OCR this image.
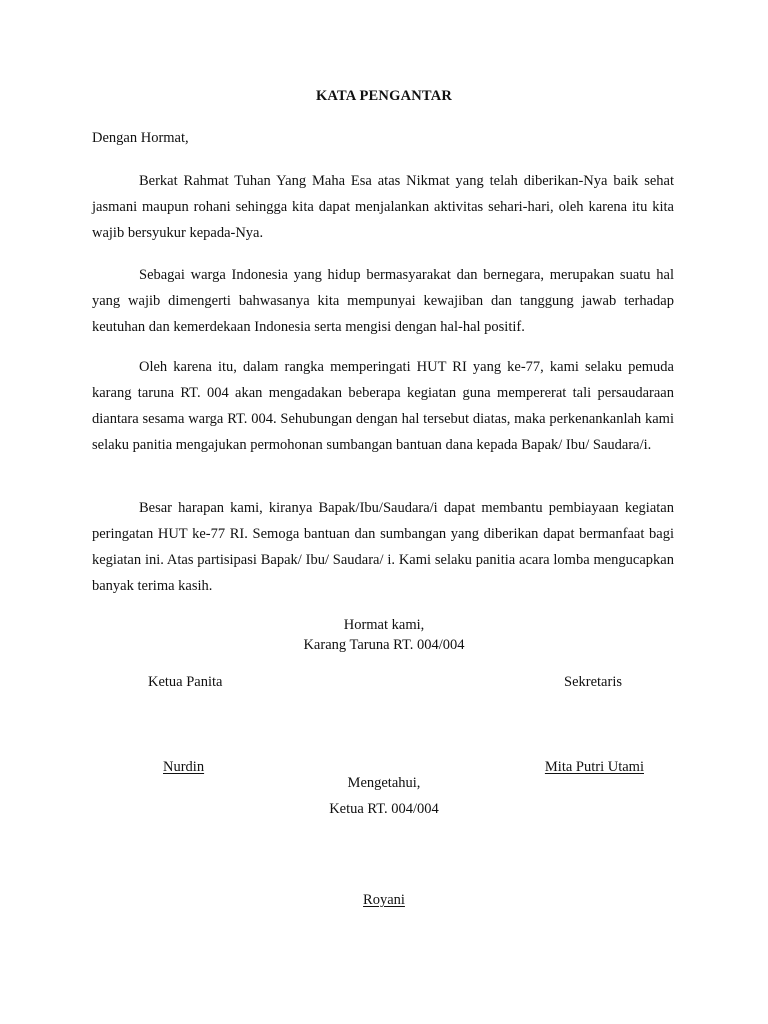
KATA PENGANTAR
Dengan Hormat,

Berkat Rahmat Tuhan Yang Maha Esa atas Nikmat yang telah diberikan-Nya baik sehat jasmani maupun rohani sehingga kita dapat menjalankan aktivitas sehari-hari, oleh karena itu kita wajib bersyukur kepada-Nya.

Sebagai warga Indonesia yang hidup bermasyarakat dan bernegara, merupakan suatu hal yang wajib dimengerti bahwasanya kita mempunyai kewajiban dan tanggung jawab terhadap keutuhan dan kemerdekaan Indonesia serta mengisi dengan hal-hal positif.

Oleh karena itu, dalam rangka memperingati HUT RI yang ke-77, kami selaku pemuda karang taruna RT. 004 akan mengadakan beberapa kegiatan guna mempererat tali persaudaraan diantara sesama warga RT. 004. Sehubungan dengan hal tersebut diatas, maka perkenankanlah kami selaku panitia mengajukan permohonan sumbangan bantuan dana kepada Bapak/ Ibu/ Saudara/i.

Besar harapan kami, kiranya Bapak/Ibu/Saudara/i dapat membantu pembiayaan kegiatan peringatan HUT ke-77 RI. Semoga bantuan dan sumbangan yang diberikan dapat bermanfaat bagi kegiatan ini. Atas partisipasi Bapak/ Ibu/ Saudara/ i. Kami selaku panitia acara lomba mengucapkan banyak terima kasih.

Hormat kami,
Karang Taruna RT. 004/004
Ketua Panita	Sekretaris
Nurdin	Mita Putri Utami
Mengetahui,
Ketua RT. 004/004
Royani
